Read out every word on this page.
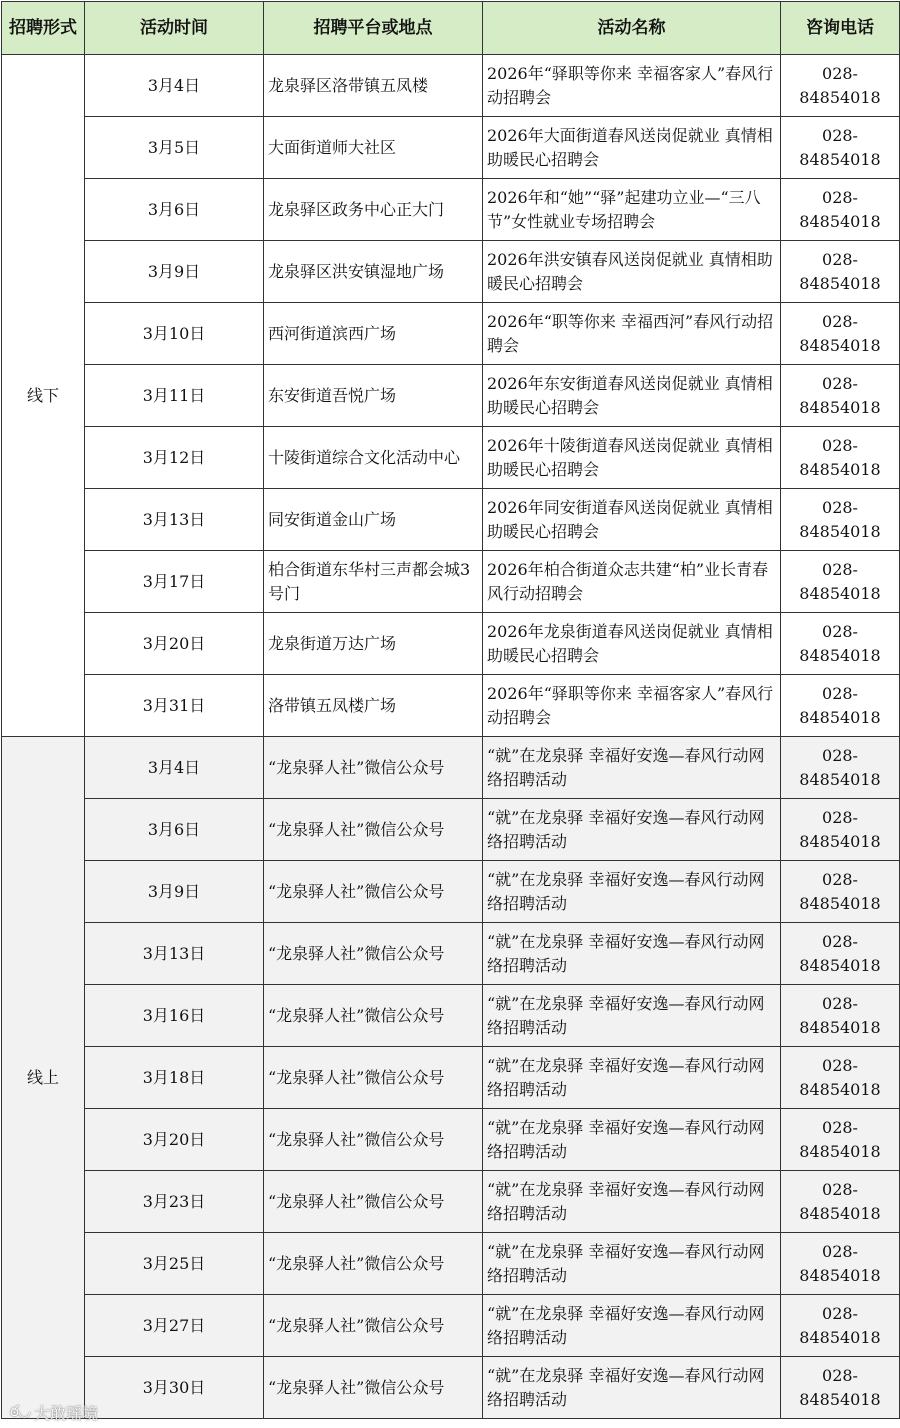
招聘形式	活动时间	招聘平台或地点	活动名称	咨询电话
线下	3月4日	龙泉驿区洛带镇五凤楼	2026年“驿职等你来 幸福客家人”春风行动招聘会	028-84854018
	3月5日	大面街道师大社区	2026年大面街道春风送岗促就业 真情相助暖民心招聘会	028-84854018
	3月6日	龙泉驿区政务中心正大门	2026年和“她”“驿”起建功立业—“三八节”女性就业专场招聘会	028-84854018
	3月9日	龙泉驿区洪安镇湿地广场	2026年洪安镇春风送岗促就业 真情相助暖民心招聘会	028-84854018
	3月10日	西河街道滨西广场	2026年“职等你来 幸福西河”春风行动招聘会	028-84854018
	3月11日	东安街道吾悦广场	2026年东安街道春风送岗促就业 真情相助暖民心招聘会	028-84854018
	3月12日	十陵街道综合文化活动中心	2026年十陵街道春风送岗促就业 真情相助暖民心招聘会	028-84854018
	3月13日	同安街道金山广场	2026年同安街道春风送岗促就业 真情相助暖民心招聘会	028-84854018
	3月17日	柏合街道东华村三声都会城3号门	2026年柏合街道众志共建“柏”业长青春风行动招聘会	028-84854018
	3月20日	龙泉街道万达广场	2026年龙泉街道春风送岗促就业 真情相助暖民心招聘会	028-84854018
	3月31日	洛带镇五凤楼广场	2026年“驿职等你来 幸福客家人”春风行动招聘会	028-84854018
线上	3月4日	“龙泉驿人社”微信公众号	“就”在龙泉驿 幸福好安逸—春风行动网络招聘活动	028-84854018
	3月6日	“龙泉驿人社”微信公众号	“就”在龙泉驿 幸福好安逸—春风行动网络招聘活动	028-84854018
	3月9日	“龙泉驿人社”微信公众号	“就”在龙泉驿 幸福好安逸—春风行动网络招聘活动	028-84854018
	3月13日	“龙泉驿人社”微信公众号	“就”在龙泉驿 幸福好安逸—春风行动网络招聘活动	028-84854018
	3月16日	“龙泉驿人社”微信公众号	“就”在龙泉驿 幸福好安逸—春风行动网络招聘活动	028-84854018
	3月18日	“龙泉驿人社”微信公众号	“就”在龙泉驿 幸福好安逸—春风行动网络招聘活动	028-84854018
	3月20日	“龙泉驿人社”微信公众号	“就”在龙泉驿 幸福好安逸—春风行动网络招聘活动	028-84854018
	3月23日	“龙泉驿人社”微信公众号	“就”在龙泉驿 幸福好安逸—春风行动网络招聘活动	028-84854018
	3月25日	“龙泉驿人社”微信公众号	“就”在龙泉驿 幸福好安逸—春风行动网络招聘活动	028-84854018
	3月27日	“龙泉驿人社”微信公众号	“就”在龙泉驿 幸福好安逸—春风行动网络招聘活动	028-84854018
	3月30日	“龙泉驿人社”微信公众号	“就”在龙泉驿 幸福好安逸—春风行动网络招聘活动	028-84854018
ఠ◡ 大敢瑶境
